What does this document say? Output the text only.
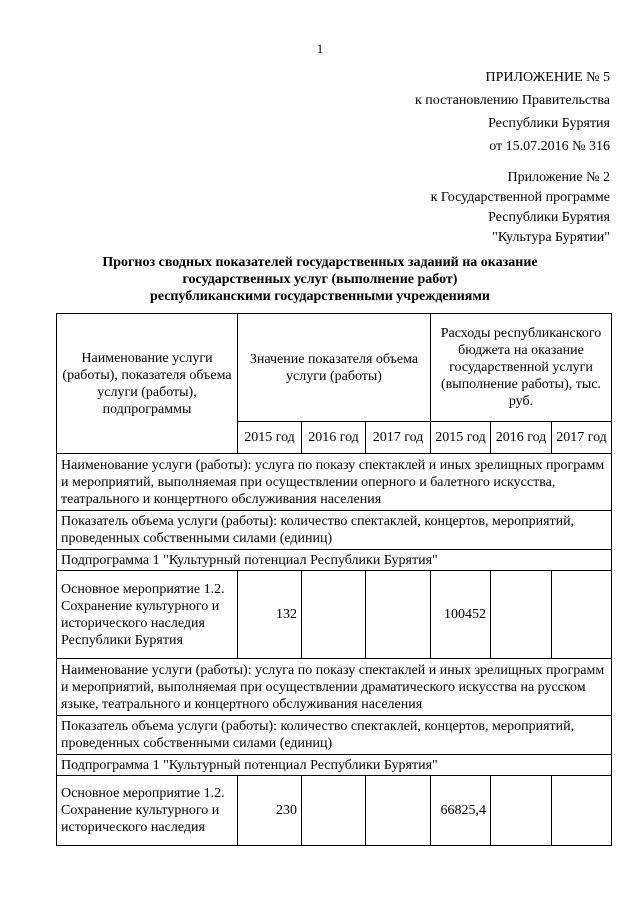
1
ПРИЛОЖЕНИЕ № 5
к постановлению Правительства
Республики Бурятия
от 15.07.2016 № 316
Приложение № 2
к Государственной программе
Республики Бурятия
"Культура Бурятии"
Прогноз сводных показателей государственных заданий на оказание
государственных услуг (выполнение работ)
республиканскими государственными учреждениями
Наименование услуги (работы), показателя объема услуги (работы), подпрограммы	Значение показателя объема услуги (работы)			Расходы республиканского бюджета на оказание государственной услуги (выполнение работы), тыс. руб.		
	2015 год	2016 год	2017 год	2015 год	2016 год	2017 год
Наименование услуги (работы): услуга по показу спектаклей и иных зрелищных программ и мероприятий, выполняемая при осуществлении оперного и балетного искусства, театрального и концертного обслуживания населения						
Показатель объема услуги (работы): количество спектаклей, концертов, мероприятий, проведенных собственными силами (единиц)						
Подпрограмма 1 "Культурный потенциал Республики Бурятия"						
Основное мероприятие 1.2. Сохранение культурного и исторического наследия Республики Бурятия	132			100452		
Наименование услуги (работы): услуга по показу спектаклей и иных зрелищных программ и мероприятий, выполняемая при осуществлении драматического искусства на русском языке, театрального и концертного обслуживания населения						
Показатель объема услуги (работы): количество спектаклей, концертов, мероприятий, проведенных собственными силами (единиц)						
Подпрограмма 1 "Культурный потенциал Республики Бурятия"						
Основное мероприятие 1.2. Сохранение культурного и исторического наследия	230			66825,4		
